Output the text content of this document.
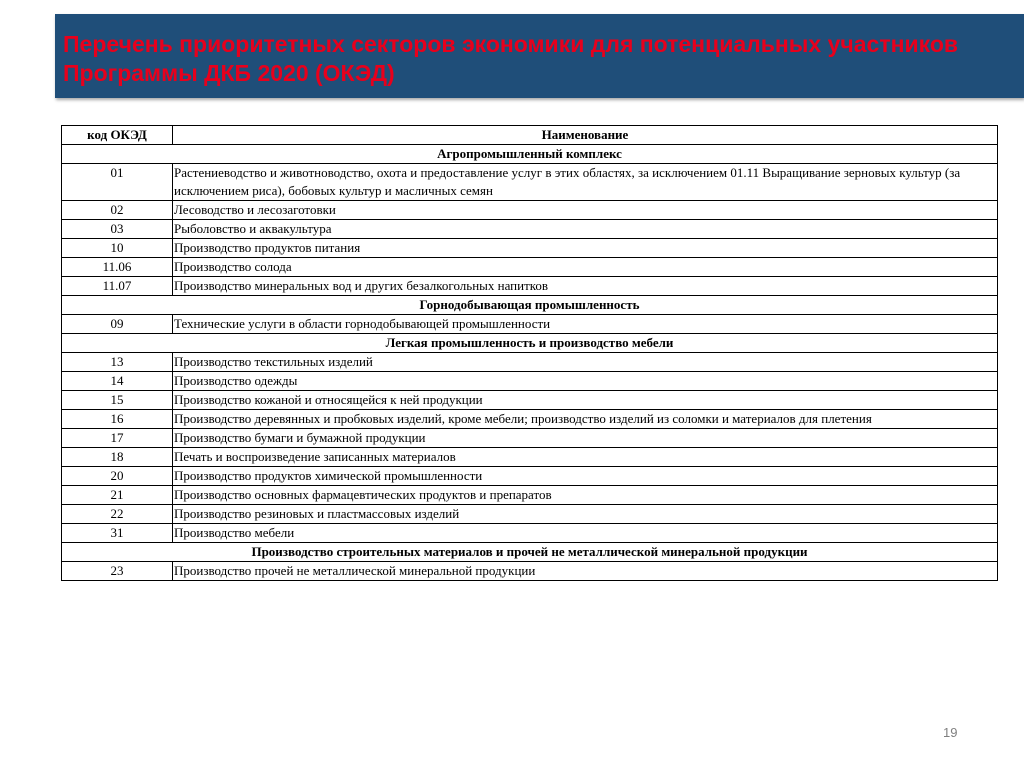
Перечень приоритетных секторов экономики для потенциальных участников Программы ДКБ 2020 (ОКЭД)
код ОКЭД	Наименование
Агропромышленный комплекс	
01	Растениеводство и животноводство, охота и предоставление услуг в этих областях, за исключением 01.11 Выращивание зерновых культур (за исключением риса), бобовых культур и масличных семян
02	Лесоводство и лесозаготовки
03	Рыболовство и аквакультура
10	Производство продуктов питания
11.06	Производство солода
11.07	Производство минеральных вод и других безалкогольных напитков
Горнодобывающая промышленность	
09	Технические услуги в области горнодобывающей промышленности
Легкая промышленность и производство мебели	
13	Производство текстильных изделий
14	Производство одежды
15	Производство кожаной и относящейся к ней продукции
16	Производство деревянных и пробковых изделий, кроме мебели; производство изделий из соломки и материалов для плетения
17	Производство бумаги и бумажной продукции
18	Печать и воспроизведение записанных материалов
20	Производство продуктов химической промышленности
21	Производство основных фармацевтических продуктов и препаратов
22	Производство резиновых и пластмассовых изделий
31	Производство мебели
Производство строительных материалов и прочей не металлической минеральной продукции	
23	Производство прочей не металлической минеральной продукции
19
